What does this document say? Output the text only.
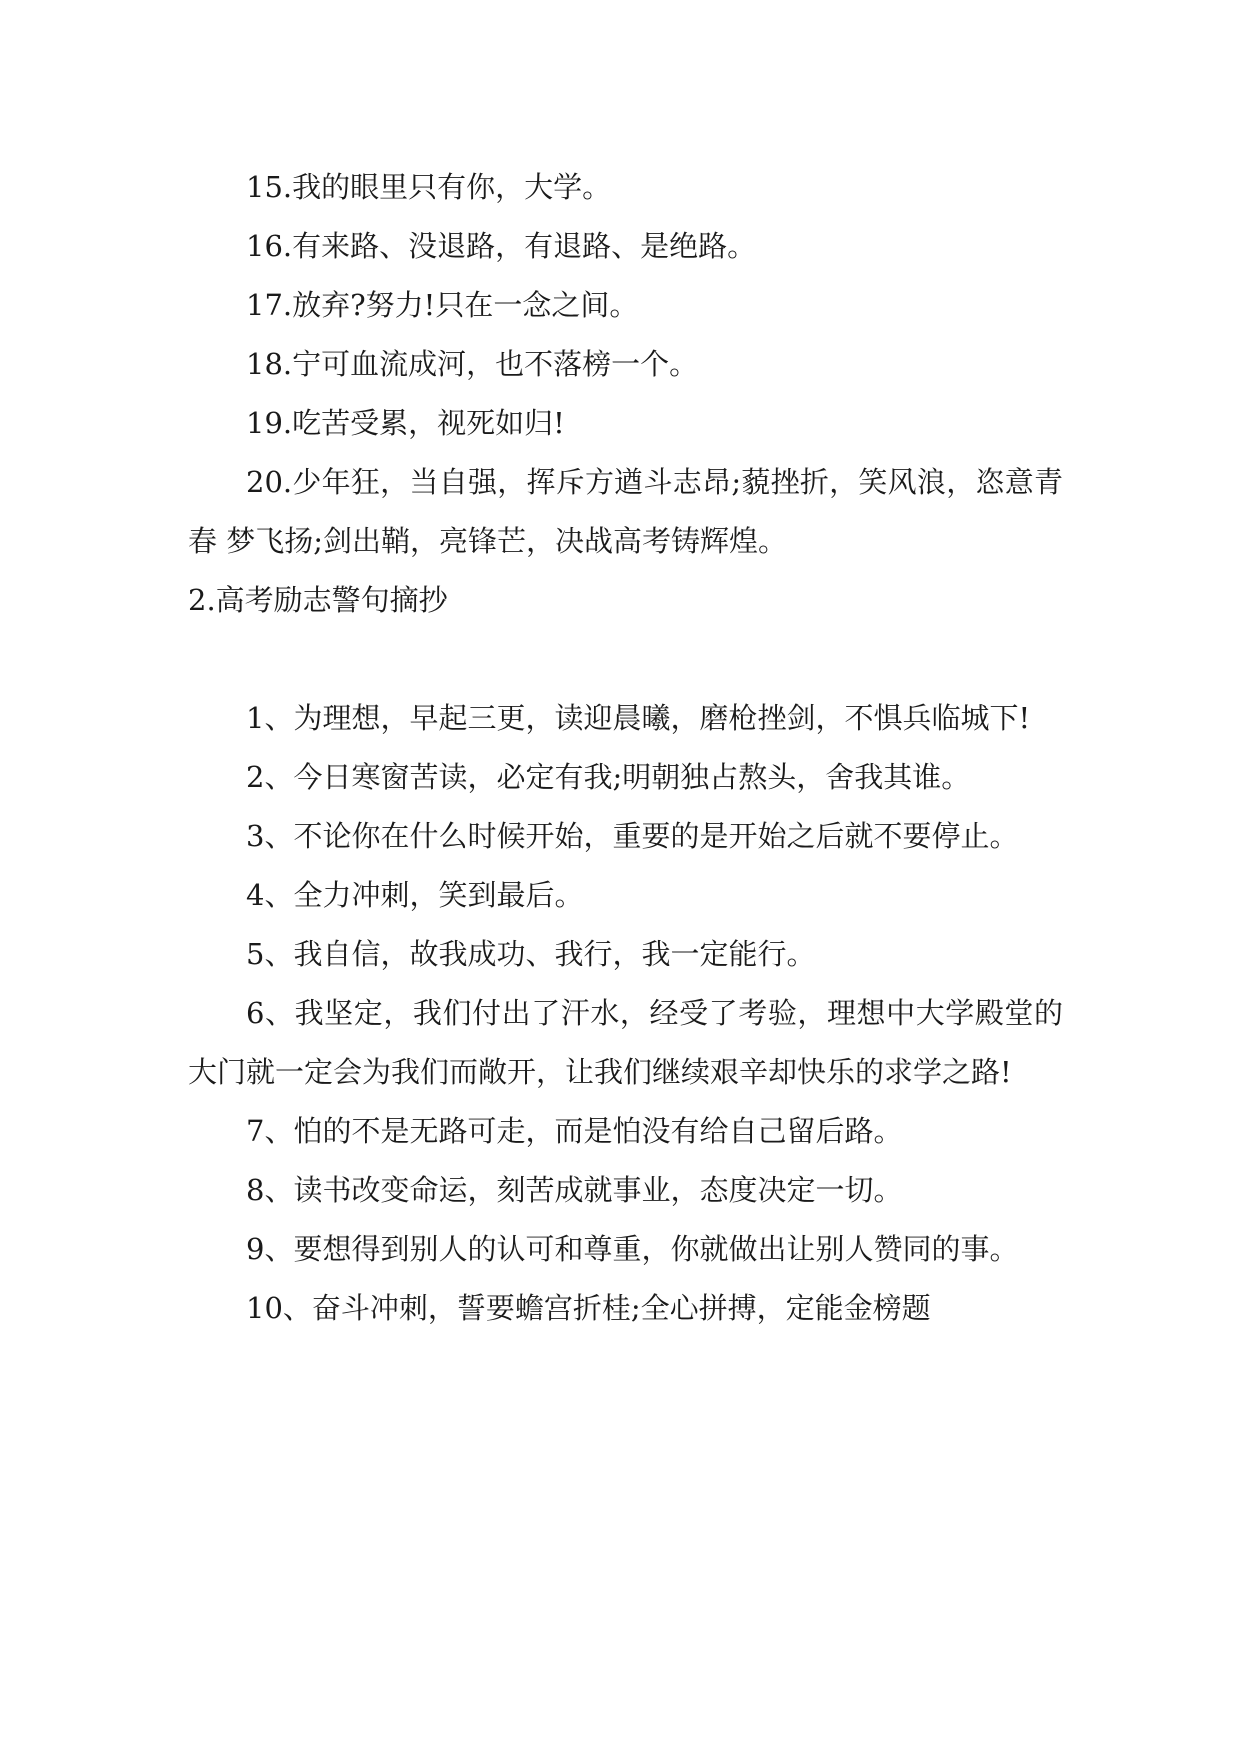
15.我的眼里只有你，大学。

16.有来路、没退路，有退路、是绝路。

17.放弃?努力!只在一念之间。

18.宁可血流成河，也不落榜一个。

19.吃苦受累，视死如归!

20.少年狂，当自强，挥斥方遒斗志昂;藐挫折，笑风浪，恣意青春 梦飞扬;剑出鞘，亮锋芒，决战高考铸辉煌。

2.高考励志警句摘抄

1、为理想，早起三更，读迎晨曦，磨枪挫剑，不惧兵临城下!

2、今日寒窗苦读，必定有我;明朝独占熬头，舍我其谁。

3、不论你在什么时候开始，重要的是开始之后就不要停止。

4、全力冲刺，笑到最后。

5、我自信，故我成功、我行，我一定能行。

6、我坚定，我们付出了汗水，经受了考验，理想中大学殿堂的大门就一定会为我们而敞开，让我们继续艰辛却快乐的求学之路!

7、怕的不是无路可走，而是怕没有给自己留后路。

8、读书改变命运，刻苦成就事业，态度决定一切。

9、要想得到别人的认可和尊重，你就做出让别人赞同的事。

10、奋斗冲刺，誓要蟾宫折桂;全心拼搏，定能金榜题
